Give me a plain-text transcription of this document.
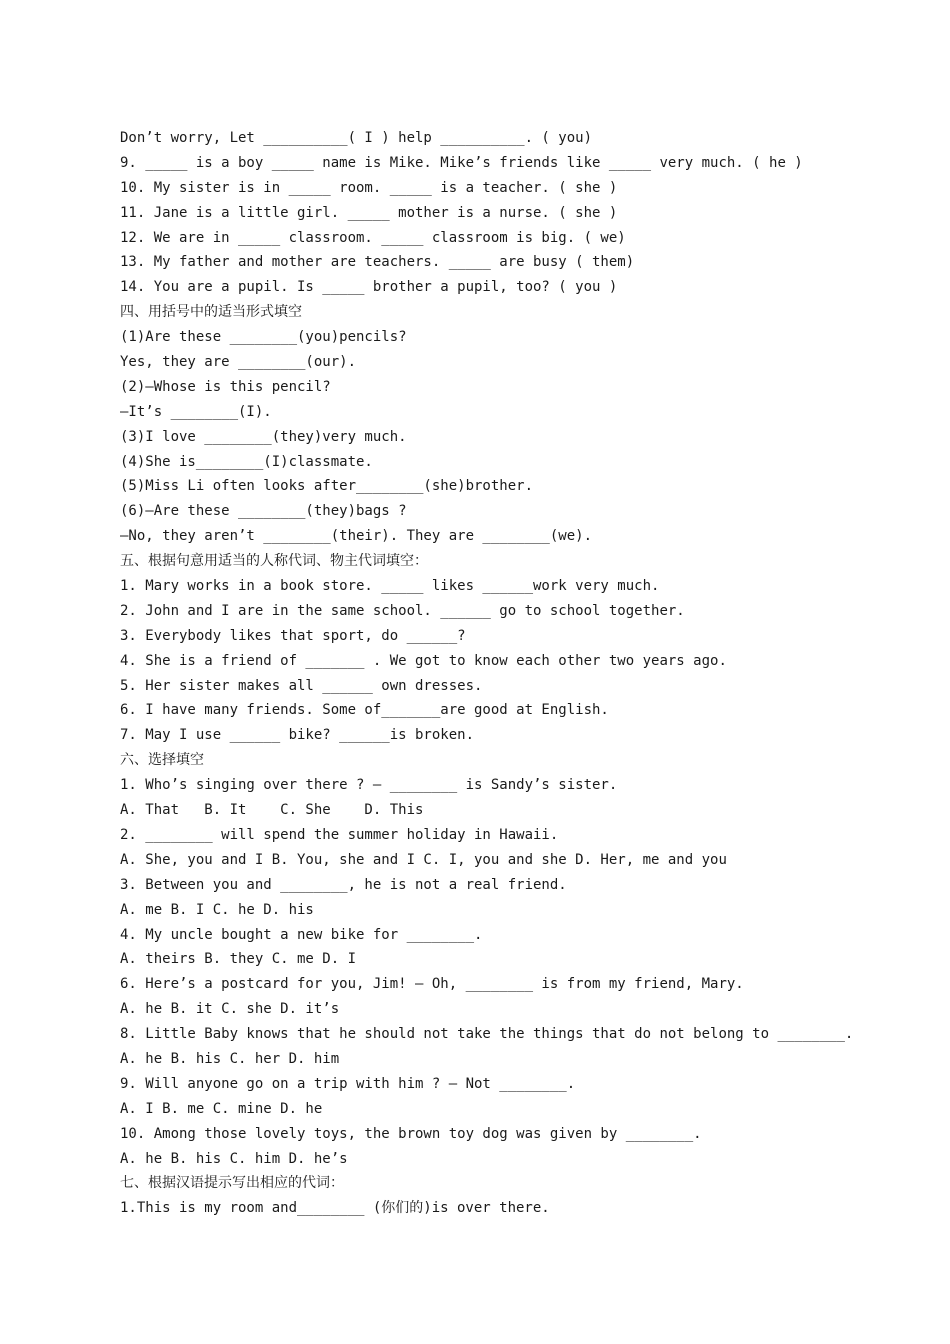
Don’t worry, Let __________( I ) help __________. ( you)
9. _____ is a boy _____ name is Mike. Mike’s friends like _____ very much. ( he )
10. My sister is in _____ room. _____ is a teacher. ( she )
11. Jane is a little girl. _____ mother is a nurse. ( she )
12. We are in _____ classroom. _____ classroom is big. ( we)
13. My father and mother are teachers. _____ are busy ( them)
14. You are a pupil. Is _____ brother a pupil, too? ( you )
四、用括号中的适当形式填空
(1)Are these ________(you)pencils?
Yes, they are ________(our).
(2)—Whose is this pencil?
—It’s ________(I).
(3)I love ________(they)very much.
(4)She is________(I)classmate.
(5)Miss Li often looks after________(she)brother.
(6)—Are these ________(they)bags ?
—No, they aren’t ________(their). They are ________(we).
五、根据句意用适当的人称代词、物主代词填空：
1. Mary works in a book store. _____ likes ______work very much.
2. John and I are in the same school. ______ go to school together.
3. Everybody likes that sport, do ______?
4. She is a friend of _______ . We got to know each other two years ago.
5. Her sister makes all ______ own dresses.
6. I have many friends. Some of_______are good at English.
7. May I use ______ bike? ______is broken.
六、选择填空
1. Who’s singing over there ? — ________ is Sandy’s sister.
A. That   B. It    C. She    D. This
2. ________ will spend the summer holiday in Hawaii.
A. She, you and I B. You, she and I C. I, you and she D. Her, me and you
3. Between you and ________, he is not a real friend.
A. me B. I C. he D. his
4. My uncle bought a new bike for ________.
A. theirs B. they C. me D. I
6. Here’s a postcard for you, Jim! — Oh, ________ is from my friend, Mary.
A. he B. it C. she D. it’s
8. Little Baby knows that he should not take the things that do not belong to ________.
A. he B. his C. her D. him
9. Will anyone go on a trip with him ? — Not ________.
A. I B. me C. mine D. he
10. Among those lovely toys, the brown toy dog was given by ________.
A. he B. his C. him D. he’s
七、根据汉语提示写出相应的代词：
1.This is my room and________ (你们的)is over there.
